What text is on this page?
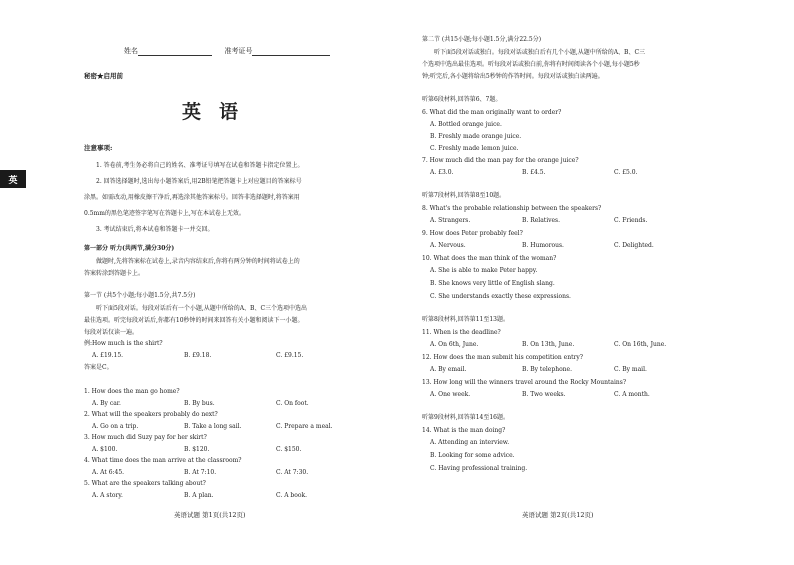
英
姓名	准考证号
秘密★启用前
英语
注意事项:
1. 答卷前,考生务必将自己的姓名、准考证号填写在试卷和答题卡指定位置上。
2. 回答选择题时,选出每小题答案后,用2B铅笔把答题卡上对应题目的答案标号
涂黑。如需改动,用橡皮擦干净后,再选涂其他答案标号。回答非选择题时,将答案用
0.5mm的黑色笔迹签字笔写在答题卡上,写在本试卷上无效。
3. 考试结束后,将本试卷和答题卡一并交回。
第一部分 听力(共两节,满分30分)
做题时,先将答案标在试卷上,录音内容结束后,你将有两分钟的时间将试卷上的
答案转涂到答题卡上。
第一节 (共5个小题;每小题1.5分,共7.5分)
听下面5段对话。每段对话后有一个小题,从题中所给的A、B、C三个选项中选出
最佳选项。听完每段对话后,你都有10秒钟的时间来回答有关小题和阅读下一小题。
每段对话仅读一遍。
例:How much is the shirt?
A. £19.15.	B. £9.18.	C. £9.15.
答案是C。
1. How does the man go home?
A. By car.	B. By bus.	C. On foot.
2. What will the speakers probably do next?
A. Go on a trip.	B. Take a long sail.	C. Prepare a meal.
3. How much did Suzy pay for her skirt?
A. $100.	B. $120.	C. $150.
4. What time does the man arrive at the classroom?
A. At 6:45.	B. At 7:10.	C. At 7:30.
5. What are the speakers talking about?
A. A story.	B. A plan.	C. A book.
英语试题 第1页(共12页)
第二节 (共15小题;每小题1.5分,满分22.5分)
听下面5段对话或独白。每段对话或独白后有几个小题,从题中所给的A、B、C三
个选项中选出最佳选项。听每段对话或独白前,你将有时间阅读各个小题,每小题5秒
钟;听完后,各小题将给出5秒钟的作答时间。每段对话或独白读两遍。
听第6段材料,回答第6、7题。
6. What did the man originally want to order?
A. Bottled orange juice.
B. Freshly made orange juice.
C. Freshly made lemon juice.
7. How much did the man pay for the orange juice?
A. £3.0.	B. £4.5.	C. £5.0.
听第7段材料,回答第8至10题。
8. What's the probable relationship between the speakers?
A. Strangers.	B. Relatives.	C. Friends.
9. How does Peter probably feel?
A. Nervous.	B. Humorous.	C. Delighted.
10. What does the man think of the woman?
A. She is able to make Peter happy.
B. She knows very little of English slang.
C. She understands exactly these expressions.
听第8段材料,回答第11至13题。
11. When is the deadline?
A. On 6th, June.	B. On 13th, June.	C. On 16th, June.
12. How does the man submit his competition entry?
A. By email.	B. By telephone.	C. By mail.
13. How long will the winners travel around the Rocky Mountains?
A. One week.	B. Two weeks.	C. A month.
听第9段材料,回答第14至16题。
14. What is the man doing?
A. Attending an interview.
B. Looking for some advice.
C. Having professional training.
英语试题 第2页(共12页)
